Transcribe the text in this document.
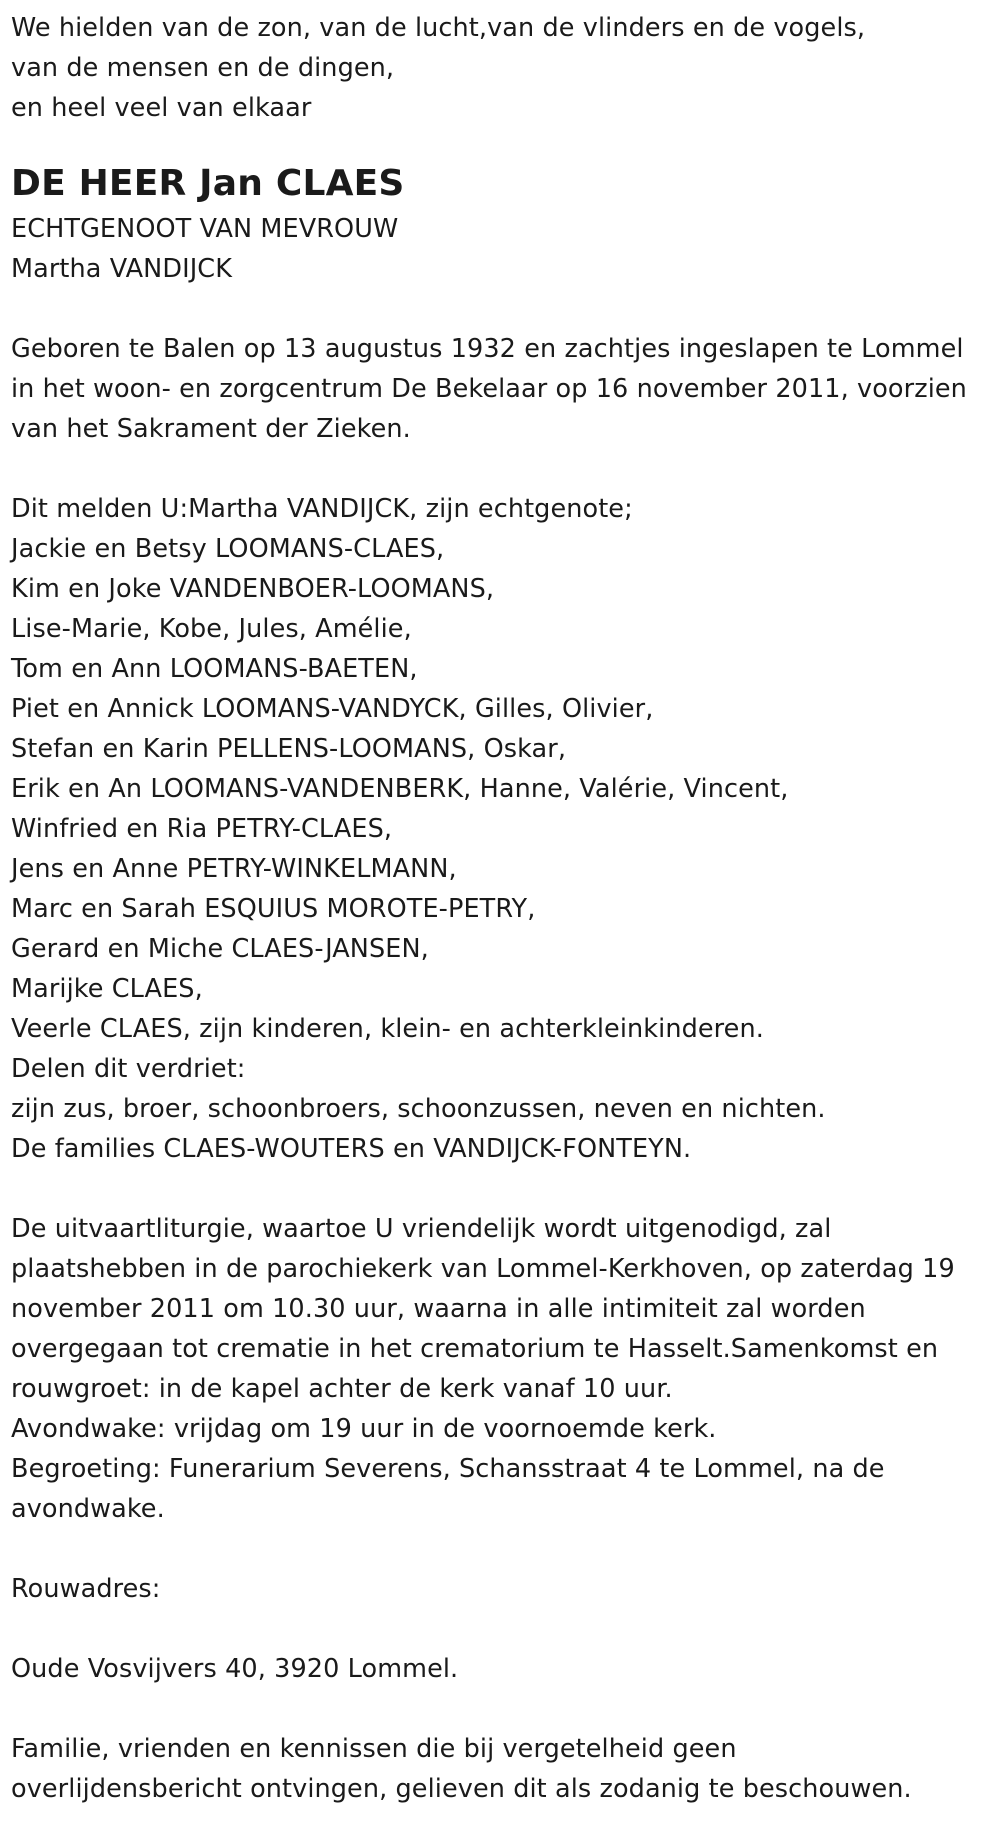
We hielden van de zon, van de lucht,van de vlinders en de vogels,
van de mensen en de dingen,
en heel veel van elkaar
DE HEER Jan CLAES
ECHTGENOOT VAN MEVROUW
Martha VANDIJCK
Geboren te Balen op 13 augustus 1932 en zachtjes ingeslapen te Lommel
in het woon- en zorgcentrum De Bekelaar op 16 november 2011, voorzien
van het Sakrament der Zieken.
Dit melden U:Martha VANDIJCK, zijn echtgenote;
Jackie en Betsy LOOMANS-CLAES,
Kim en Joke VANDENBOER-LOOMANS,
Lise-Marie, Kobe, Jules, Amélie,
Tom en Ann LOOMANS-BAETEN,
Piet en Annick LOOMANS-VANDYCK, Gilles, Olivier,
Stefan en Karin PELLENS-LOOMANS, Oskar,
Erik en An LOOMANS-VANDENBERK, Hanne, Valérie, Vincent,
Winfried en Ria PETRY-CLAES,
Jens en Anne PETRY-WINKELMANN,
Marc en Sarah ESQUIUS MOROTE-PETRY,
Gerard en Miche CLAES-JANSEN,
Marijke CLAES,
Veerle CLAES, zijn kinderen, klein- en achterkleinkinderen.
Delen dit verdriet:
zijn zus, broer, schoonbroers, schoonzussen, neven en nichten.
De families CLAES-WOUTERS en VANDIJCK-FONTEYN.
De uitvaartliturgie, waartoe U vriendelijk wordt uitgenodigd, zal
plaatshebben in de parochiekerk van Lommel-Kerkhoven, op zaterdag 19
november 2011 om 10.30 uur, waarna in alle intimiteit zal worden
overgegaan tot crematie in het crematorium te Hasselt.Samenkomst en
rouwgroet: in de kapel achter de kerk vanaf 10 uur.
Avondwake: vrijdag om 19 uur in de voornoemde kerk.
Begroeting: Funerarium Severens, Schansstraat 4 te Lommel, na de
avondwake.
Rouwadres:
Oude Vosvijvers 40, 3920 Lommel.
Familie, vrienden en kennissen die bij vergetelheid geen
overlijdensbericht ontvingen, gelieven dit als zodanig te beschouwen.
